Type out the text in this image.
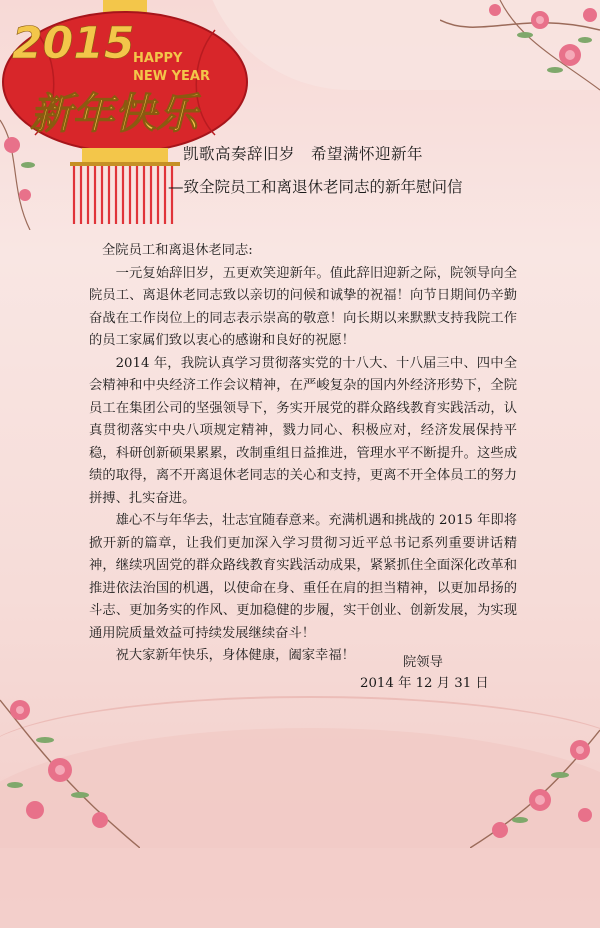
2015
HAPPY
NEW YEAR
新年快乐
凯歌高奏辞旧岁　希望满怀迎新年
—致全院员工和离退休老同志的新年慰问信

全院员工和离退休老同志:

一元复始辞旧岁，五更欢笑迎新年。值此辞旧迎新之际，院领导向全院员工、离退休老同志致以亲切的问候和诚挚的祝福！向节日期间仍辛勤奋战在工作岗位上的同志表示崇高的敬意！向长期以来默默支持我院工作的员工家属们致以衷心的感谢和良好的祝愿！

2014 年，我院认真学习贯彻落实党的十八大、十八届三中、四中全会精神和中央经济工作会议精神，在严峻复杂的国内外经济形势下，全院员工在集团公司的坚强领导下，务实开展党的群众路线教育实践活动，认真贯彻落实中央八项规定精神，戮力同心、积极应对，经济发展保持平稳，科研创新硕果累累，改制重组日益推进，管理水平不断提升。这些成绩的取得，离不开离退休老同志的关心和支持，更离不开全体员工的努力拼搏、扎实奋进。

雄心不与年华去，壮志宜随春意来。充满机遇和挑战的 2015 年即将掀开新的篇章，让我们更加深入学习贯彻习近平总书记系列重要讲话精神，继续巩固党的群众路线教育实践活动成果，紧紧抓住全面深化改革和推进依法治国的机遇，以使命在身、重任在肩的担当精神，以更加昂扬的斗志、更加务实的作风、更加稳健的步履，实干创业、创新发展，为实现通用院质量效益可持续发展继续奋斗！

祝大家新年快乐，身体健康，阖家幸福！	院领导
2014 年 12 月 31 日
